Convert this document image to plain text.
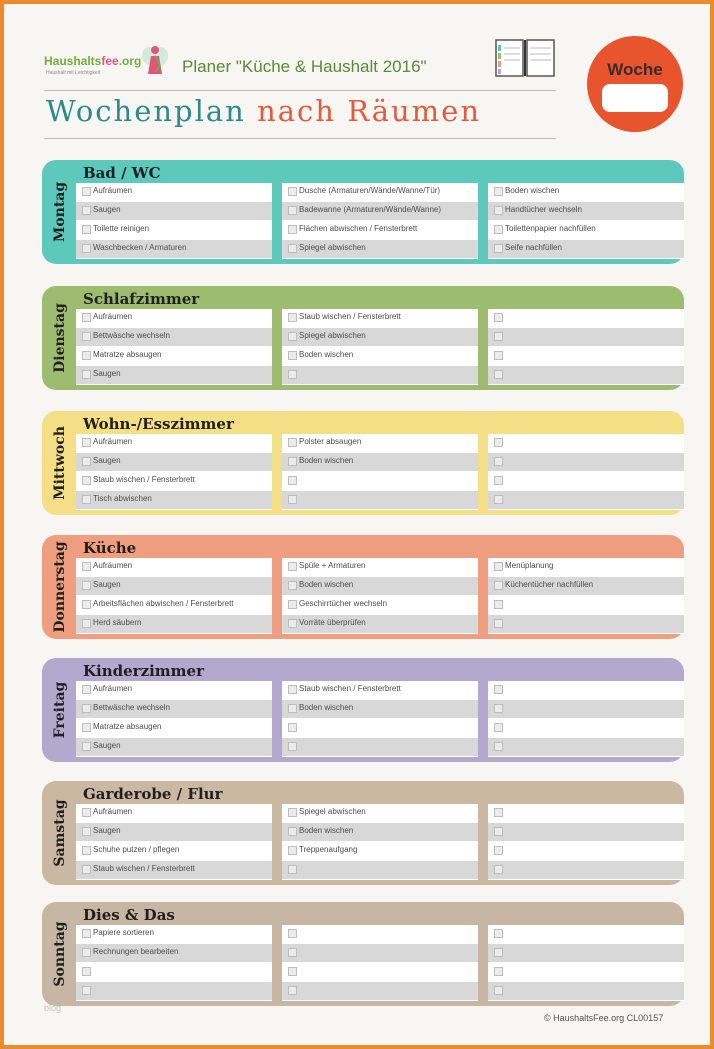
Haushaltsfee.org
Haushalt mit Leichtigkeit	Planer "Küche & Haushalt 2016"	Woche
Wochenplan nach Räumen
Montag
Bad / WC
Aufräumen
Saugen
Toilette reinigen
Waschbecken / Armaturen
Dusche (Armaturen/Wände/Wanne/Tür)
Badewanne (Armaturen/Wände/Wanne)
Flächen abwischen / Fensterbrett
Spiegel abwischen
Boden wischen
Handtücher wechseln
Toilettenpapier nachfüllen
Seife nachfüllen
Dienstag
Schlafzimmer
Aufräumen
Bettwäsche wechseln
Matratze absaugen
Saugen
Staub wischen / Fensterbrett
Spiegel abwischen
Boden wischen
Mittwoch
Wohn-/Esszimmer
Aufräumen
Saugen
Staub wischen / Fensterbrett
Tisch abwischen
Polster absaugen
Boden wischen
Donnerstag Küche
Aufräumen
Saugen
Arbeitsflächen abwischen / Fensterbrett
Herd säubern
Spüle + Armaturen
Boden wischen
Geschirrtücher wechseln
Vorräte überprüfen
Menüplanung
Küchentücher nachfüllen
Freitag
Kinderzimmer
Aufräumen
Bettwäsche wechseln
Matratze absaugen
Saugen
Staub wischen / Fensterbrett
Boden wischen
Samstag
Garderobe / Flur
Aufräumen
Saugen
Schuhe putzen / pflegen
Staub wischen / Fensterbrett
Spiegel abwischen
Boden wischen
Treppenaufgang
Sonntag
Dies & Das
Papiere sortieren
Rechnungen bearbeiten
blog
© HaushaltsFee.org CL00157
